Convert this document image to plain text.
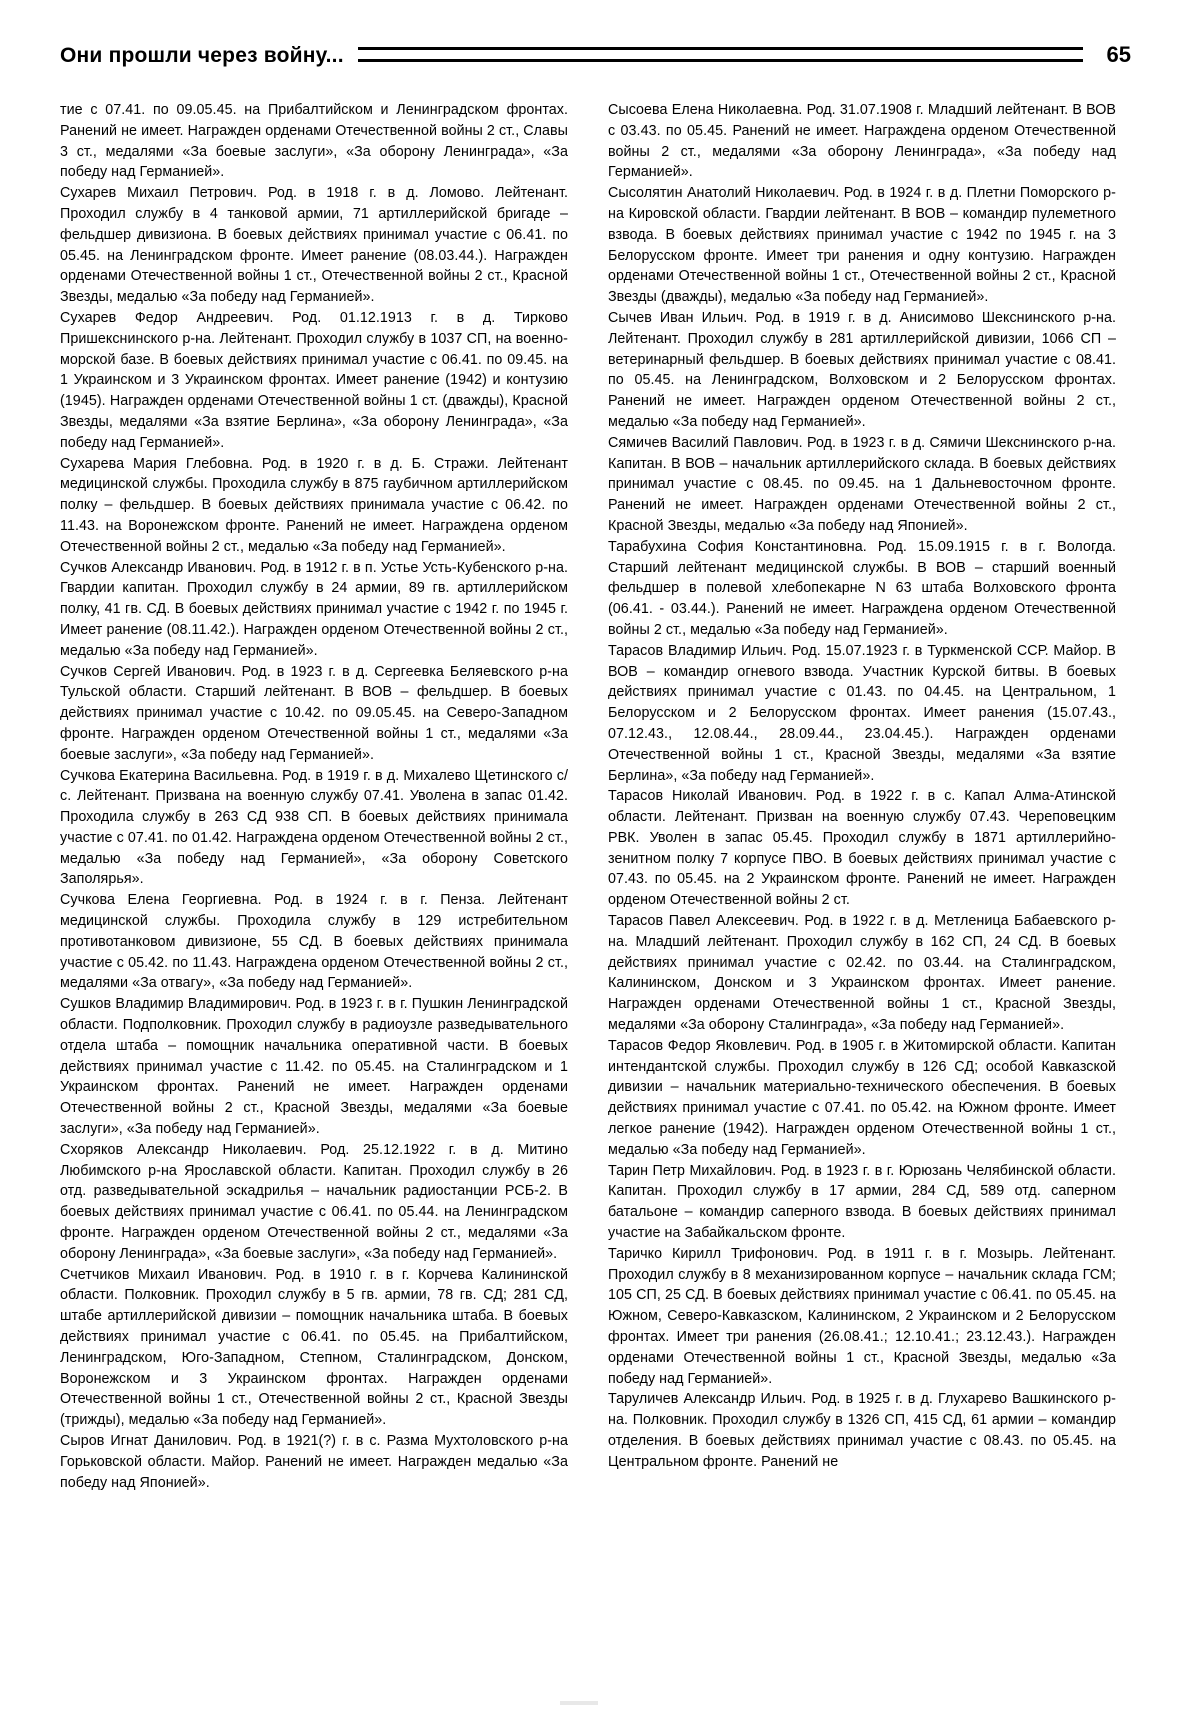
Они прошли через войну...	65

тие с 07.41. по 09.05.45. на Прибалтийском и Ленинградском фронтах. Ранений не имеет. Награжден орденами Отечественной войны 2 ст., Славы 3 ст., медалями «За боевые заслуги», «За оборону Ленинграда», «За победу над Германией».

Сухарев Михаил Петрович. Род. в 1918 г. в д. Ломово. Лейтенант. Проходил службу в 4 танковой армии, 71 артиллерийской бригаде – фельдшер дивизиона. В боевых действиях принимал участие с 06.41. по 05.45. на Ленинградском фронте. Имеет ранение (08.03.44.). Награжден орденами Отечественной войны 1 ст., Отечественной войны 2 ст., Красной Звезды, медалью «За победу над Германией».

Сухарев Федор Андреевич. Род. 01.12.1913 г. в д. Тирково Пришекснинского р-на. Лейтенант. Проходил службу в 1037 СП, на военно-морской базе. В боевых действиях принимал участие с 06.41. по 09.45. на 1 Украинском и 3 Украинском фронтах. Имеет ранение (1942) и контузию (1945). Награжден орденами Отечественной войны 1 ст. (дважды), Красной Звезды, медалями «За взятие Берлина», «За оборону Ленинграда», «За победу над Германией».

Сухарева Мария Глебовна. Род. в 1920 г. в д. Б. Стражи. Лейтенант медицинской службы. Проходила службу в 875 гаубичном артиллерийском полку – фельдшер. В боевых действиях принимала участие с 06.42. по 11.43. на Воронежском фронте. Ранений не имеет. Награждена орденом Отечественной войны 2 ст., медалью «За победу над Германией».

Сучков Александр Иванович. Род. в 1912 г. в п. Устье Усть-Кубенского р-на. Гвардии капитан. Проходил службу в 24 армии, 89 гв. артиллерийском полку, 41 гв. СД. В боевых действиях принимал участие с 1942 г. по 1945 г. Имеет ранение (08.11.42.). Награжден орденом Отечественной войны 2 ст., медалью «За победу над Германией».

Сучков Сергей Иванович. Род. в 1923 г. в д. Сергеевка Беляевского р-на Тульской области. Старший лейтенант. В ВОВ – фельдшер. В боевых действиях принимал участие с 10.42. по 09.05.45. на Северо-Западном фронте. Награжден орденом Отечественной войны 1 ст., медалями «За боевые заслуги», «За победу над Германией».

Сучкова Екатерина Васильевна. Род. в 1919 г. в д. Михалево Щетинского с/с. Лейтенант. Призвана на военную службу 07.41. Уволена в запас 01.42. Проходила службу в 263 СД 938 СП. В боевых действиях принимала участие с 07.41. по 01.42. Награждена орденом Отечественной войны 2 ст., медалью «За победу над Германией», «За оборону Советского Заполярья».

Сучкова Елена Георгиевна. Род. в 1924 г. в г. Пенза. Лейтенант медицинской службы. Проходила службу в 129 истребительном противотанковом дивизионе, 55 СД. В боевых действиях принимала участие с 05.42. по 11.43. Награждена орденом Отечественной войны 2 ст., медалями «За отвагу», «За победу над Германией».

Сушков Владимир Владимирович. Род. в 1923 г. в г. Пушкин Ленинградской области. Подполковник. Проходил службу в радиоузле разведывательного отдела штаба – помощник начальника оперативной части. В боевых действиях принимал участие с 11.42. по 05.45. на Сталинградском и 1 Украинском фронтах. Ранений не имеет. Награжден орденами Отечественной войны 2 ст., Красной Звезды, медалями «За боевые заслуги», «За победу над Германией».

Схоряков Александр Николаевич. Род. 25.12.1922 г. в д. Митино Любимского р-на Ярославской области. Капитан. Проходил службу в 26 отд. разведывательной эскадрилья – начальник радиостанции РСБ-2. В боевых действиях принимал участие с 06.41. по 05.44. на Ленинградском фронте. Награжден орденом Отечественной войны 2 ст., медалями «За оборону Ленинграда», «За боевые заслуги», «За победу над Германией».

Счетчиков Михаил Иванович. Род. в 1910 г. в г. Корчева Калининской области. Полковник. Проходил службу в 5 гв. армии, 78 гв. СД; 281 СД, штабе артиллерийской дивизии – помощник начальника штаба. В боевых действиях принимал участие с 06.41. по 05.45. на Прибалтийском, Ленинградском, Юго-Западном, Степном, Сталинградском, Донском, Воронежском и 3 Украинском фронтах. Награжден орденами Отечественной войны 1 ст., Отечественной войны 2 ст., Красной Звезды (трижды), медалью «За победу над Германией».

Сыров Игнат Данилович. Род. в 1921(?) г. в с. Разма Мухтоловского р-на Горьковской области. Майор. Ранений не имеет. Награжден медалью «За победу над Японией».

Сысоева Елена Николаевна. Род. 31.07.1908 г. Младший лейтенант. В ВОВ с 03.43. по 05.45. Ранений не имеет. Награждена орденом Отечественной войны 2 ст., медалями «За оборону Ленинграда», «За победу над Германией».

Сысолятин Анатолий Николаевич. Род. в 1924 г. в д. Плетни Поморского р-на Кировской области. Гвардии лейтенант. В ВОВ – командир пулеметного взвода. В боевых действиях принимал участие с 1942 по 1945 г. на 3 Белорусском фронте. Имеет три ранения и одну контузию. Награжден орденами Отечественной войны 1 ст., Отечественной войны 2 ст., Красной Звезды (дважды), медалью «За победу над Германией».

Сычев Иван Ильич. Род. в 1919 г. в д. Анисимово Шекснинского р-на. Лейтенант. Проходил службу в 281 артиллерийской дивизии, 1066 СП – ветеринарный фельдшер. В боевых действиях принимал участие с 08.41. по 05.45. на Ленинградском, Волховском и 2 Белорусском фронтах. Ранений не имеет. Награжден орденом Отечественной войны 2 ст., медалью «За победу над Германией».

Сямичев Василий Павлович. Род. в 1923 г. в д. Сямичи Шекснинского р-на. Капитан. В ВОВ – начальник артиллерийского склада. В боевых действиях принимал участие с 08.45. по 09.45. на 1 Дальневосточном фронте. Ранений не имеет. Награжден орденами Отечественной войны 2 ст., Красной Звезды, медалью «За победу над Японией».

Тарабухина София Константиновна. Род. 15.09.1915 г. в г. Вологда. Старший лейтенант медицинской службы. В ВОВ – старший военный фельдшер в полевой хлебопекарне N 63 штаба Волховского фронта (06.41. - 03.44.). Ранений не имеет. Награждена орденом Отечественной войны 2 ст., медалью «За победу над Германией».

Тарасов Владимир Ильич. Род. 15.07.1923 г. в Туркменской ССР. Майор. В ВОВ – командир огневого взвода. Участник Курской битвы. В боевых действиях принимал участие с 01.43. по 04.45. на Центральном, 1 Белорусском и 2 Белорусском фронтах. Имеет ранения (15.07.43., 07.12.43., 12.08.44., 28.09.44., 23.04.45.). Награжден орденами Отечественной войны 1 ст., Красной Звезды, медалями «За взятие Берлина», «За победу над Германией».

Тарасов Николай Иванович. Род. в 1922 г. в с. Капал Алма-Атинской области. Лейтенант. Призван на военную службу 07.43. Череповецким РВК. Уволен в запас 05.45. Проходил службу в 1871 артиллерийно-зенитном полку 7 корпусе ПВО. В боевых действиях принимал участие с 07.43. по 05.45. на 2 Украинском фронте. Ранений не имеет. Награжден орденом Отечественной войны 2 ст.

Тарасов Павел Алексеевич. Род. в 1922 г. в д. Метленица Бабаевского р-на. Младший лейтенант. Проходил службу в 162 СП, 24 СД. В боевых действиях принимал участие с 02.42. по 03.44. на Сталинградском, Калининском, Донском и 3 Украинском фронтах. Имеет ранение. Награжден орденами Отечественной войны 1 ст., Красной Звезды, медалями «За оборону Сталинграда», «За победу над Германией».

Тарасов Федор Яковлевич. Род. в 1905 г. в Житомирской области. Капитан интендантской службы. Проходил службу в 126 СД; особой Кавказской дивизии – начальник материально-технического обеспечения. В боевых действиях принимал участие с 07.41. по 05.42. на Южном фронте. Имеет легкое ранение (1942). Награжден орденом Отечественной войны 1 ст., медалью «За победу над Германией».

Тарин Петр Михайлович. Род. в 1923 г. в г. Юрюзань Челябинской области. Капитан. Проходил службу в 17 армии, 284 СД, 589 отд. саперном батальоне – командир саперного взвода. В боевых действиях принимал участие на Забайкальском фронте.

Таричко Кирилл Трифонович. Род. в 1911 г. в г. Мозырь. Лейтенант. Проходил службу в 8 механизированном корпусе – начальник склада ГСМ; 105 СП, 25 СД. В боевых действиях принимал участие с 06.41. по 05.45. на Южном, Северо-Кавказском, Калининском, 2 Украинском и 2 Белорусском фронтах. Имеет три ранения (26.08.41.; 12.10.41.; 23.12.43.). Награжден орденами Отечественной войны 1 ст., Красной Звезды, медалью «За победу над Германией».

Таруличев Александр Ильич. Род. в 1925 г. в д. Глухарево Вашкинского р-на. Полковник. Проходил службу в 1326 СП, 415 СД, 61 армии – командир отделения. В боевых действиях принимал участие с 08.43. по 05.45. на Центральном фронте. Ранений не
